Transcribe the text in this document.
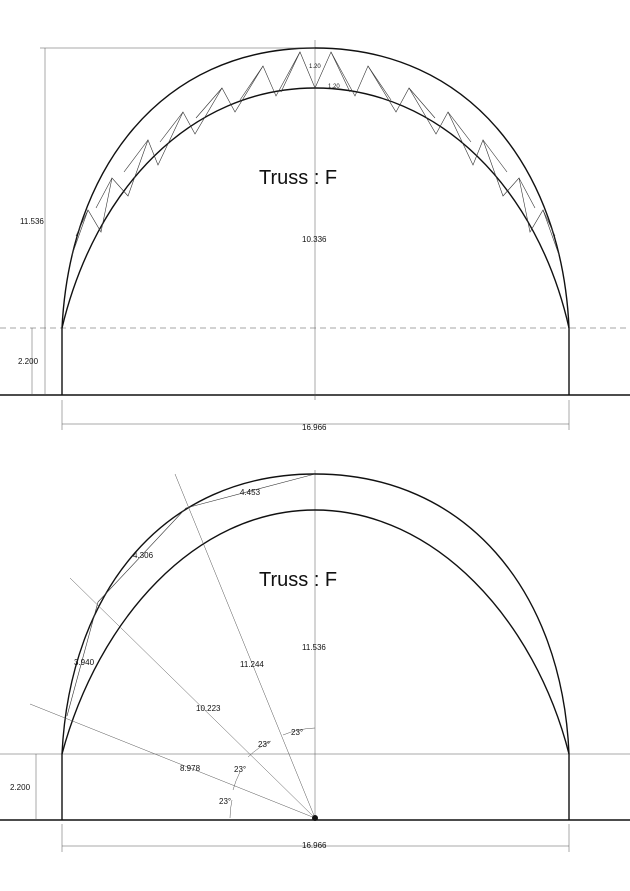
11.536
2.200
10.336
1.20
1.20
Truss : F
16.966
4.453
4.306
3.940	11.244
10.223
8.978
23°
23°
23°
23°
11.536
2.200
Truss : F
16.966
